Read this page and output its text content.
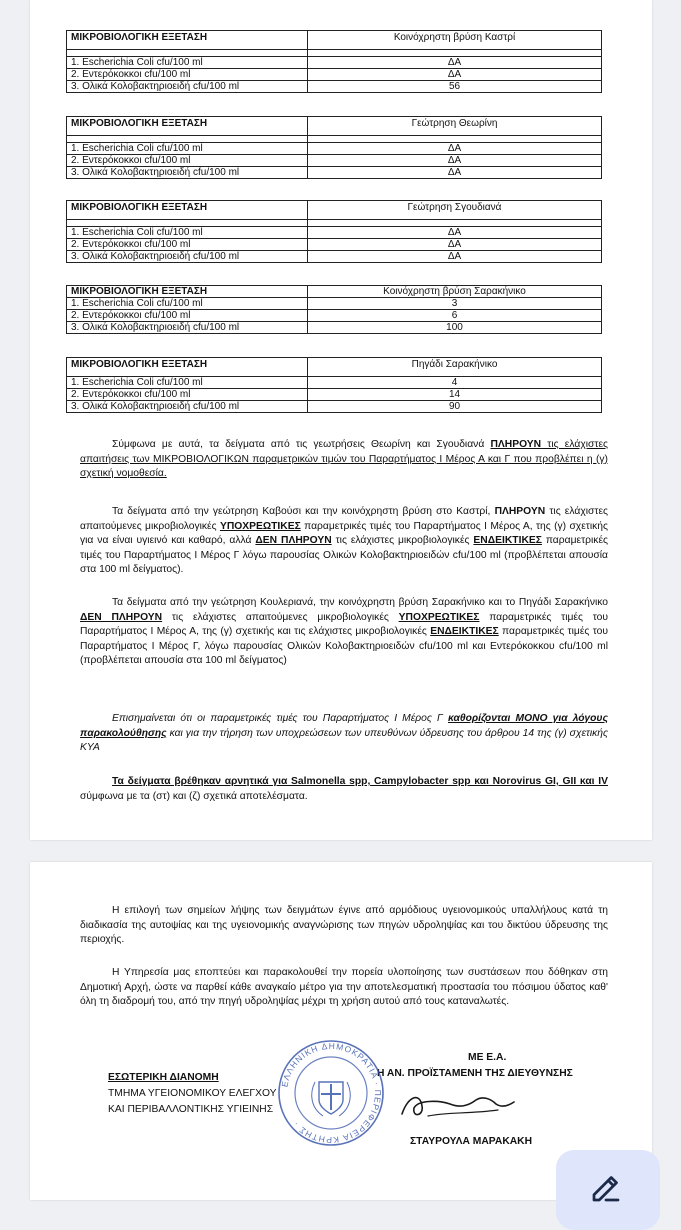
ΜΙΚΡΟΒΙΟΛΟΓΙΚΗ ΕΞΕΤΑΣΗ	Κοινόχρηστη βρύση Καστρί

1. Escherichia Coli cfu/100 ml	ΔΑ
2. Εντερόκοκκοι cfu/100 ml	ΔΑ
3. Ολικά Κολοβακτηριοειδή cfu/100 ml	56
ΜΙΚΡΟΒΙΟΛΟΓΙΚΗ ΕΞΕΤΑΣΗ	Γεώτρηση Θεωρίνη

1. Escherichia Coli cfu/100 ml	ΔΑ
2. Εντερόκοκκοι cfu/100 ml	ΔΑ
3. Ολικά Κολοβακτηριοειδή cfu/100 ml	ΔΑ
ΜΙΚΡΟΒΙΟΛΟΓΙΚΗ ΕΞΕΤΑΣΗ	Γεώτρηση Σγουδιανά

1. Escherichia Coli cfu/100 ml	ΔΑ
2. Εντερόκοκκοι cfu/100 ml	ΔΑ
3. Ολικά Κολοβακτηριοειδή cfu/100 ml	ΔΑ
ΜΙΚΡΟΒΙΟΛΟΓΙΚΗ ΕΞΕΤΑΣΗ	Κοινόχρηστη βρύση Σαρακήνικο
1. Escherichia Coli cfu/100 ml	3
2. Εντερόκοκκοι cfu/100 ml	6
3. Ολικά Κολοβακτηριοειδή cfu/100 ml	100
ΜΙΚΡΟΒΙΟΛΟΓΙΚΗ ΕΞΕΤΑΣΗ	Πηγάδι Σαρακήνικο
1. Escherichia Coli cfu/100 ml	4
2. Εντερόκοκκοι cfu/100 ml	14
3. Ολικά Κολοβακτηριοειδή cfu/100 ml	90
Σύμφωνα με αυτά, τα δείγματα από τις γεωτρήσεις Θεωρίνη και Σγουδιανά ΠΛΗΡΟΥΝ τις ελάχιστες απαιτήσεις των ΜΙΚΡΟΒΙΟΛΟΓΙΚΩΝ παραμετρικών τιμών του Παραρτήματος Ι Μέρος Α και Γ που προβλέπει η (γ) σχετική νομοθεσία.
Τα δείγματα από την γεώτρηση Καβούσι και την κοινόχρηστη βρύση στο Καστρί, ΠΛΗΡΟΥΝ τις ελάχιστες απαιτούμενες μικροβιολογικές ΥΠΟΧΡΕΩΤΙΚΕΣ παραμετρικές τιμές του Παραρτήματος Ι Μέρος Α, της (γ) σχετικής για να είναι υγιεινό και καθαρό, αλλά ΔΕΝ ΠΛΗΡΟΥΝ τις ελάχιστες μικροβιολογικές ΕΝΔΕΙΚΤΙΚΕΣ παραμετρικές τιμές του Παραρτήματος Ι Μέρος Γ λόγω παρουσίας Ολικών Κολοβακτηριοειδών cfu/100 ml (προβλέπεται απουσία στα 100 ml δείγματος).
Τα δείγματα από την γεώτρηση Κουλεριανά, την κοινόχρηστη βρύση Σαρακήνικο και το Πηγάδι Σαρακήνικο ΔΕΝ ΠΛΗΡΟΥΝ τις ελάχιστες απαιτούμενες μικροβιολογικές ΥΠΟΧΡΕΩΤΙΚΕΣ παραμετρικές τιμές του Παραρτήματος Ι Μέρος Α, της (γ) σχετικής και τις ελάχιστες μικροβιολογικές ΕΝΔΕΙΚΤΙΚΕΣ παραμετρικές τιμές του Παραρτήματος Ι Μέρος Γ, λόγω παρουσίας Ολικών Κολοβακτηριοειδών cfu/100 ml και Εντερόκοκκου cfu/100 ml (προβλέπεται απουσία στα 100 ml δείγματος)
Επισημαίνεται ότι οι παραμετρικές τιμές του Παραρτήματος Ι Μέρος Γ καθορίζονται ΜΟΝΟ για λόγους παρακολούθησης και για την τήρηση των υποχρεώσεων των υπευθύνων ύδρευσης του άρθρου 14 της (γ) σχετικής ΚΥΑ
Τα δείγματα βρέθηκαν αρνητικά για Salmonella spp, Campylobacter spp και Norovirus GI, GII και IV σύμφωνα με τα (στ) και (ζ) σχετικά αποτελέσματα.
Η επιλογή των σημείων λήψης των δειγμάτων έγινε από αρμόδιους υγειονομικούς υπαλλήλους κατά τη διαδικασία της αυτοψίας και της υγειονομικής αναγνώρισης των πηγών υδροληψίας και του δικτύου ύδρευσης της περιοχής.
Η Υπηρεσία μας εποπτεύει και παρακολουθεί την πορεία υλοποίησης των συστάσεων που δόθηκαν στη Δημοτική Αρχή, ώστε να παρθεί κάθε αναγκαίο μέτρο για την αποτελεσματική προστασία του πόσιμου ύδατος καθ' όλη τη διαδρομή του, από την πηγή υδροληψίας μέχρι τη χρήση αυτού από τους καταναλωτές.
ΜΕ Ε.Α.
Η ΑΝ. ΠΡΟΪΣΤΑΜΕΝΗ ΤΗΣ ΔΙΕΥΘΥΝΣΗΣ
ΣΤΑΥΡΟΥΛΑ ΜΑΡΑΚΑΚΗ
ΕΣΩΤΕΡΙΚΗ ΔΙΑΝΟΜΗ
ΤΜΗΜΑ ΥΓΕΙΟΝΟΜΙΚΟΥ ΕΛΕΓΧΟΥ
ΚΑΙ ΠΕΡΙΒΑΛΛΟΝΤΙΚΗΣ ΥΓΙΕΙΝΗΣ
ΕΛΛΗΝΙΚΗ ΔΗΜΟΚΡΑΤΙΑ · ΠΕΡΙΦΕΡΕΙΑ ΚΡΗΤΗΣ ·
